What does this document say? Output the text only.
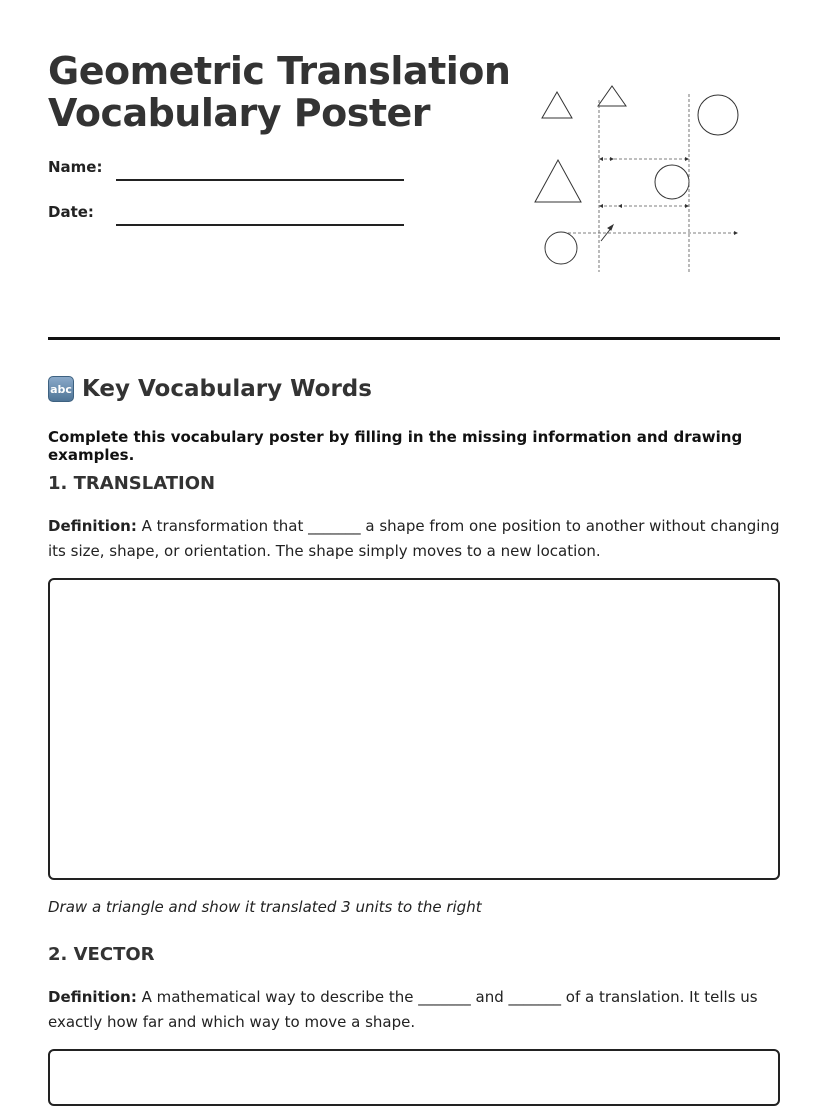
Geometric Translation
Vocabulary Poster
Name:
Date:
abc Key Vocabulary Words
Complete this vocabulary poster by filling in the missing information and drawing examples.
1. TRANSLATION
Definition: A transformation that _______ a shape from one position to another without changing its size, shape, or orientation. The shape simply moves to a new location.
Draw a triangle and show it translated 3 units to the right
2. VECTOR
Definition: A mathematical way to describe the _______ and _______ of a translation. It tells us exactly how far and which way to move a shape.
